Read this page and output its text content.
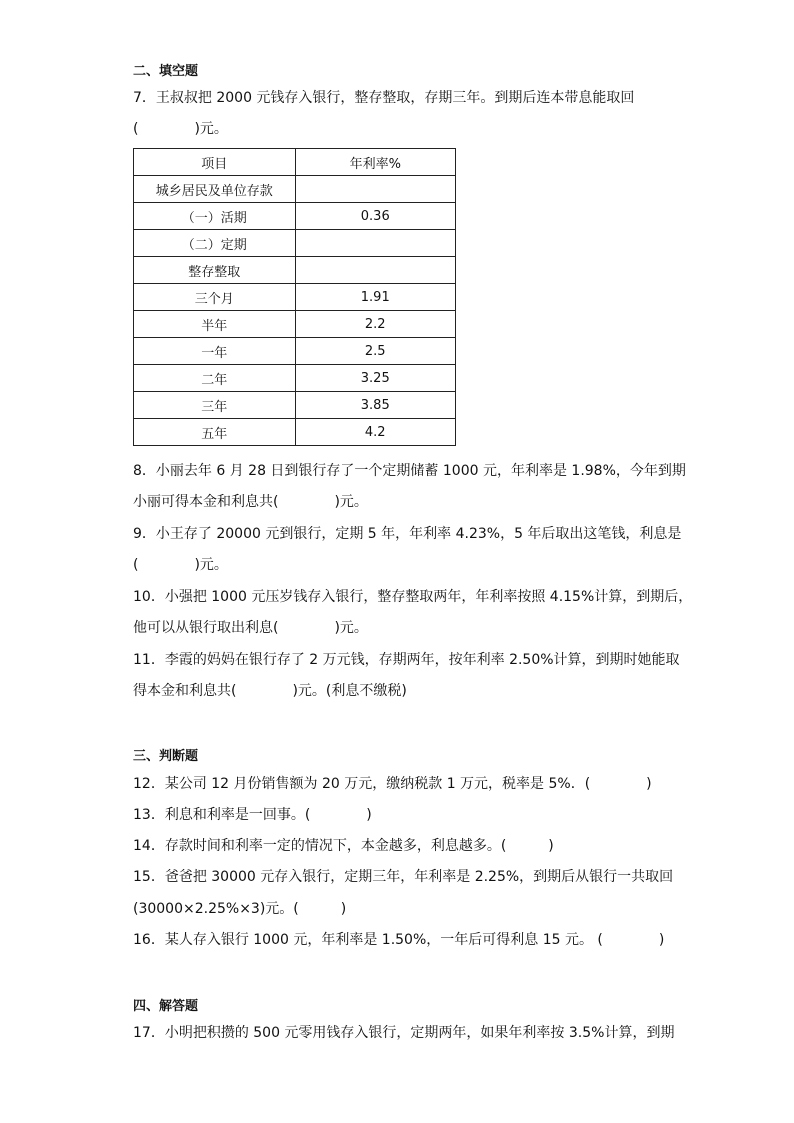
二、填空题
7．王叔叔把 2000 元钱存入银行，整存整取，存期三年。到期后连本带息能取回
(　　　　)元。
项目	年利率%
城乡居民及单位存款	
（一）活期	0.36
（二）定期	
整存整取	
三个月	1.91
半年	2.2
一年	2.5
二年	3.25
三年	3.85
五年	4.2
8．小丽去年 6 月 28 日到银行存了一个定期储蓄 1000 元，年利率是 1.98%，今年到期
小丽可得本金和利息共(　　　　)元。
9．小王存了 20000 元到银行，定期 5 年，年利率 4.23%，5 年后取出这笔钱，利息是
(　　　　)元。
10．小强把 1000 元压岁钱存入银行，整存整取两年，年利率按照 4.15%计算，到期后，
他可以从银行取出利息(　　　　)元。
11．李霞的妈妈在银行存了 2 万元钱，存期两年，按年利率 2.50%计算，到期时她能取
得本金和利息共(　　　　)元。(利息不缴税)
三、判断题
12．某公司 12 月份销售额为 20 万元，缴纳税款 1 万元，税率是 5%．(　　　　)
13．利息和利率是一回事。(　　　　)
14．存款时间和利率一定的情况下，本金越多，利息越多。(　　　)
15．爸爸把 30000 元存入银行，定期三年，年利率是 2.25%，到期后从银行一共取回
(30000×2.25%×3)元。(　　　)
16．某人存入银行 1000 元，年利率是 1.50%，一年后可得利息 15 元。 (　　　　)
四、解答题
17．小明把积攒的 500 元零用钱存入银行，定期两年，如果年利率按 3.5%计算，到期
